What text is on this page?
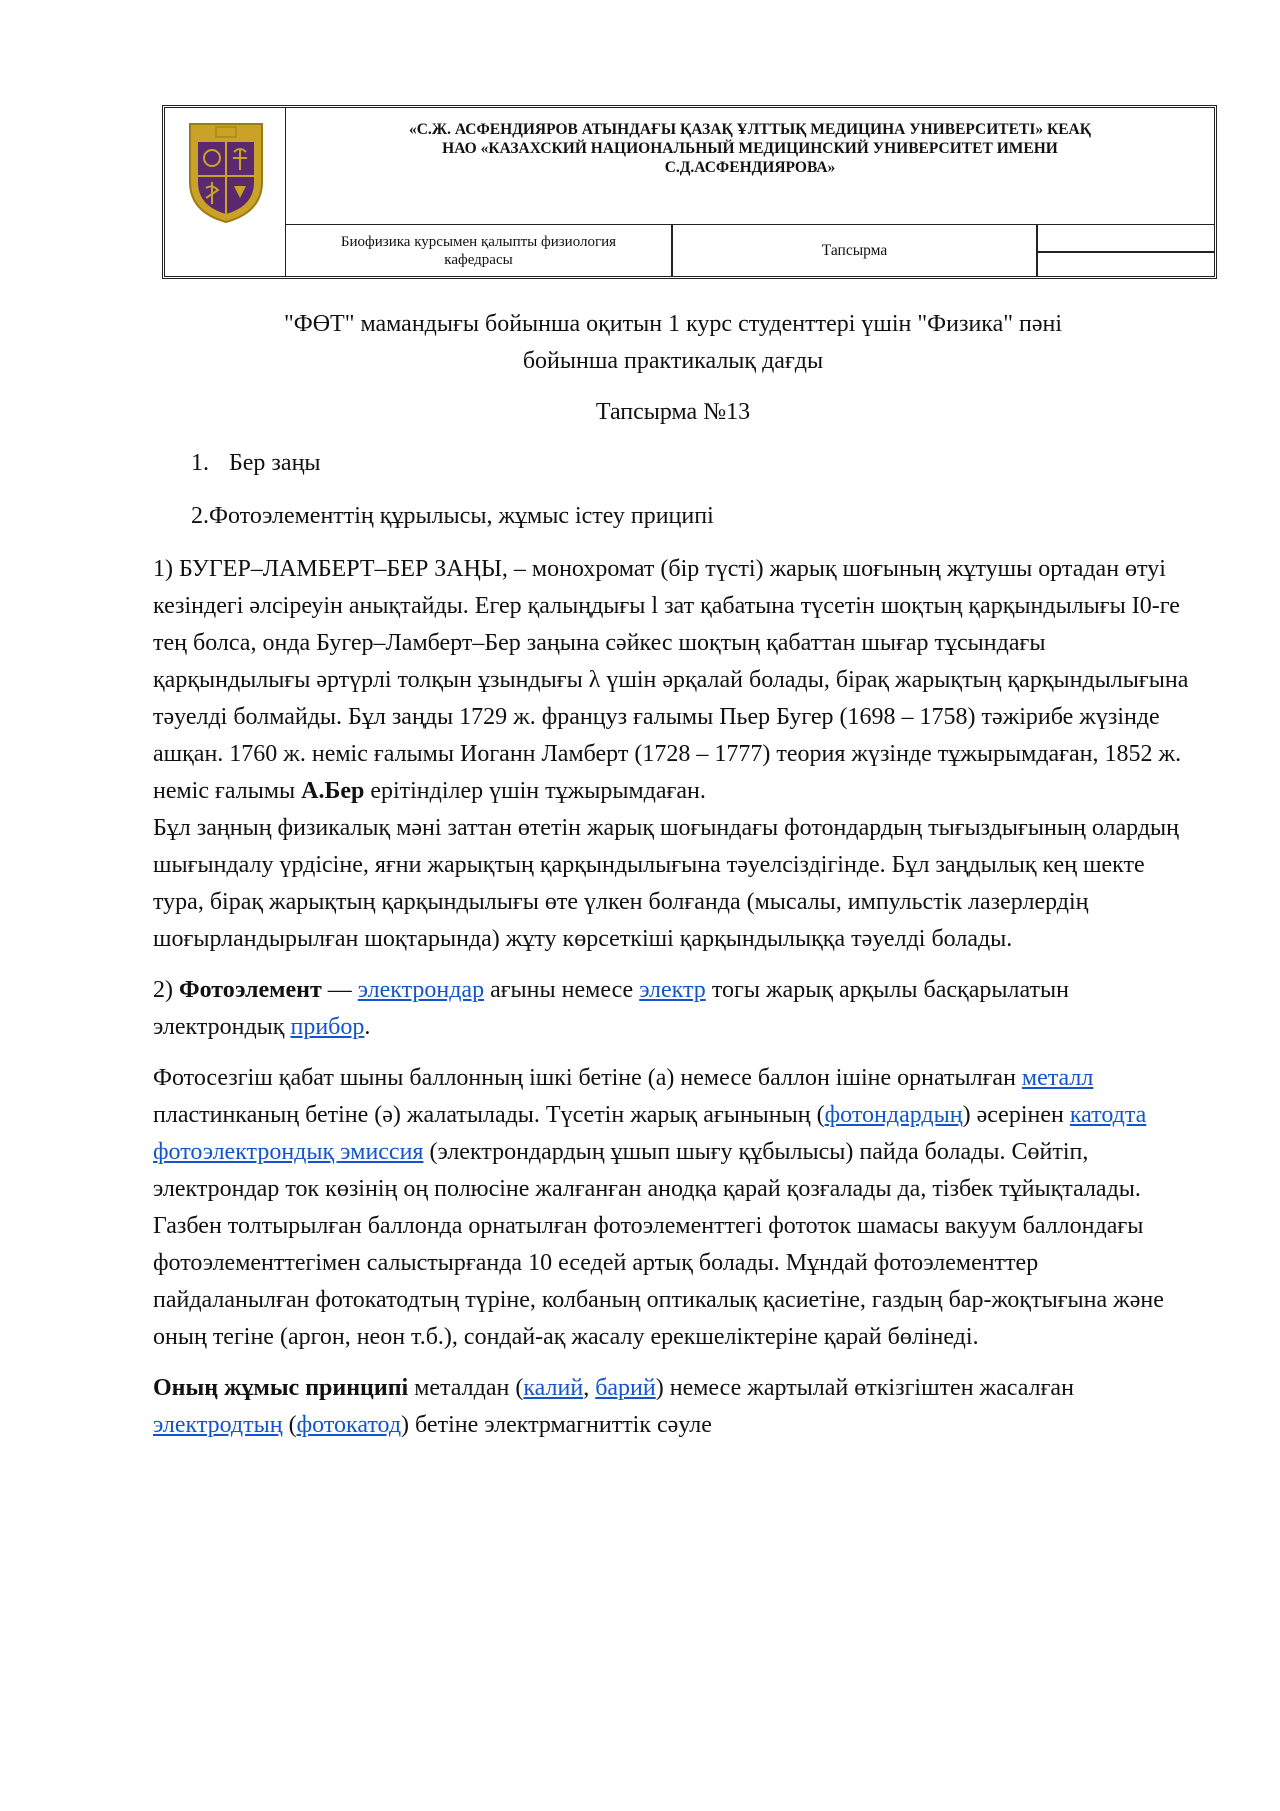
«С.Ж. АСФЕНДИЯРОВ АТЫНДАҒЫ ҚАЗАҚ ҰЛТТЫҚ МЕДИЦИНА УНИВЕРСИТЕТІ» КЕАҚ
НАО «КАЗАХСКИЙ НАЦИОНАЛЬНЫЙ МЕДИЦИНСКИЙ УНИВЕРСИТЕТ ИМЕНИ
С.Д.АСФЕНДИЯРОВА»
Биофизика курсымен қалыпты физиология кафедрасы
Тапсырма

"ФӨТ" мамандығы бойынша оқитын 1 курс студенттері үшін "Физика" пәні
бойынша практикалық дағды

Тапсырма №13

1. Бер заңы

2.Фотоэлементтің құрылысы, жұмыс істеу приципі

1) БУГЕР–ЛАМБЕРТ–БЕР ЗАҢЫ, – монохромат (бір түсті) жарық шоғының жұтушы ортадан өтуі кезіндегі әлсіреуін анықтайды. Егер қалыңдығы l зат қабатына түсетін шоқтың қарқындылығы I0-ге тең болса, онда Бугер–Ламберт–Бер заңына сәйкес шоқтың қабаттан шығар тұсындағы қарқындылығы әртүрлі толқын ұзындығы λ үшін әрқалай болады, бірақ жарықтың қарқындылығына тәуелді болмайды. Бұл заңды 1729 ж. француз ғалымы Пьер Бугер (1698 – 1758) тәжірибе жүзінде ашқан. 1760 ж. неміс ғалымы Иоганн Ламберт (1728 – 1777) теория жүзінде тұжырымдаған, 1852 ж. неміс ғалымы А.Бер ерітінділер үшін тұжырымдаған.

Бұл заңның физикалық мәні заттан өтетін жарық шоғындағы фотондардың тығыздығының олардың шығындалу үрдісіне, яғни жарықтың қарқындылығына тәуелсіздігінде. Бұл заңдылық кең шекте тура, бірақ жарықтың қарқындылығы өте үлкен болғанда (мысалы, импульстік лазерлердің шоғырландырылған шоқтарында) жұту көрсеткіші қарқындылыққа тәуелді болады.

2) Фотоэлемент — электрондар ағыны немесе электр тогы жарық арқылы басқарылатын электрондық прибор.

Фотосезгіш қабат шыны баллонның ішкі бетіне (а) немесе баллон ішіне орнатылған металл пластинканың бетіне (ә) жалатылады. Түсетін жарық ағынының (фотондардың) әсерінен катодта фотоэлектрондық эмиссия (электрондардың ұшып шығу құбылысы) пайда болады. Сөйтіп, электрондар ток көзінің оң полюсіне жалғанған анодқа қарай қозғалады да, тізбек тұйықталады. Газбен толтырылған баллонда орнатылған фотоэлементтегі фототок шамасы вакуум баллондағы фотоэлементтегімен салыстырғанда 10 еседей артық болады. Мұндай фотоэлементтер пайдаланылған фотокатодтың түріне, колбаның оптикалық қасиетіне, газдың бар-жоқтығына және оның тегіне (аргон, неон т.б.), сондай-ақ жасалу ерекшеліктеріне қарай бөлінеді.

Оның жұмыс принципі металдан (калий, барий) немесе жартылай өткізгіштен жасалған электродтың (фотокатод) бетіне электрмагниттік сәуле
